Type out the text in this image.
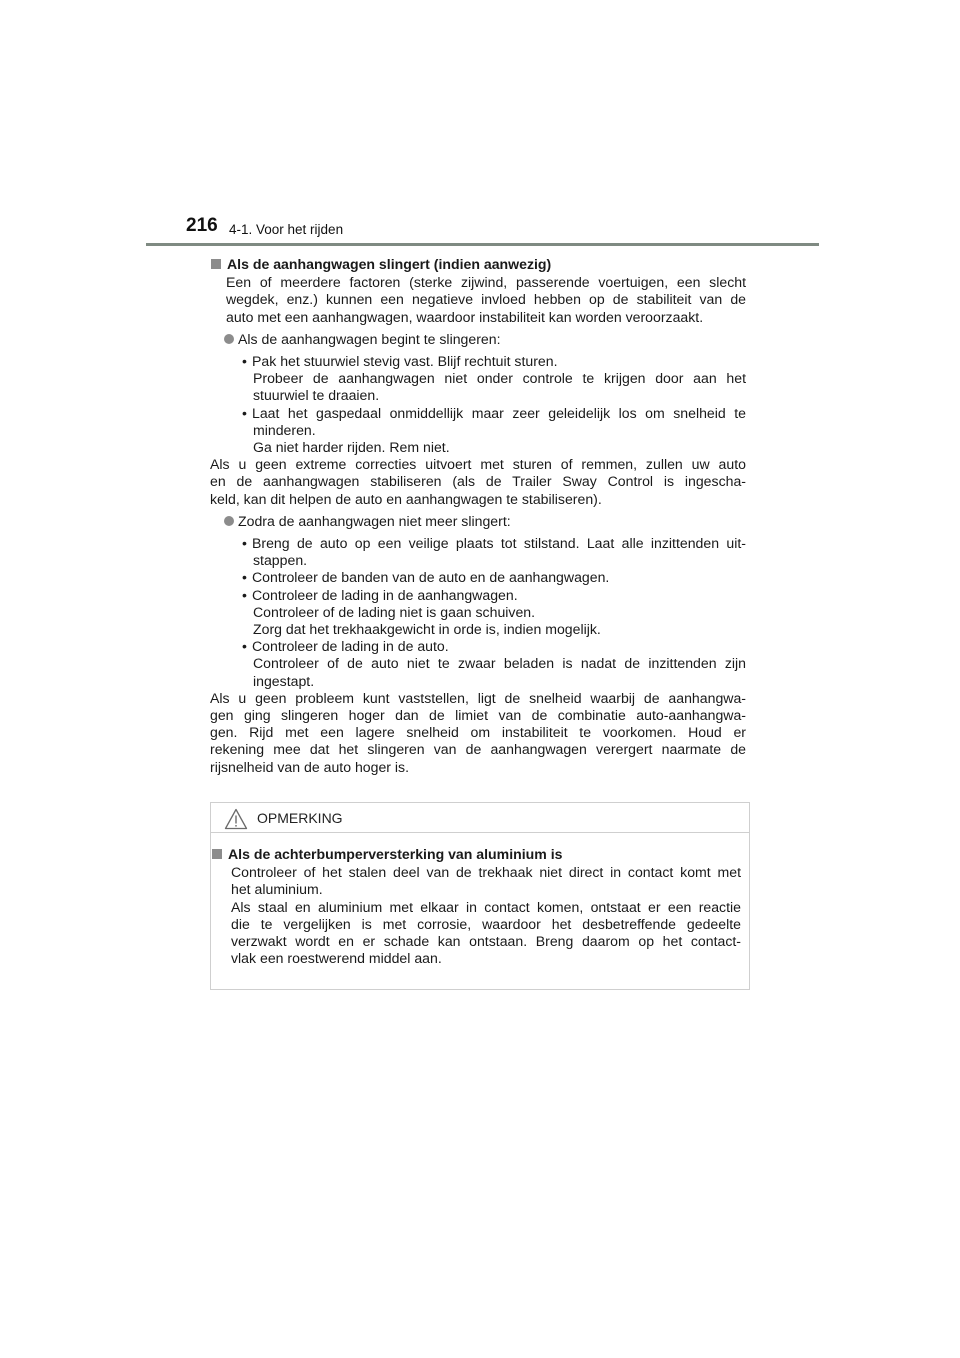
216 4-1. Voor het rijden
Als de aanhangwagen slingert (indien aanwezig)
Een of meerdere factoren (sterke zijwind, passerende voertuigen, een slecht
wegdek, enz.) kunnen een negatieve invloed hebben op de stabiliteit van de
auto met een aanhangwagen, waardoor instabiliteit kan worden veroorzaakt.
Als de aanhangwagen begint te slingeren:
• Pak het stuurwiel stevig vast. Blijf rechtuit sturen.
Probeer de aanhangwagen niet onder controle te krijgen door aan het
stuurwiel te draaien.
• Laat het gaspedaal onmiddellijk maar zeer geleidelijk los om snelheid te
minderen.
Ga niet harder rijden. Rem niet.
Als u geen extreme correcties uitvoert met sturen of remmen, zullen uw auto
en de aanhangwagen stabiliseren (als de Trailer Sway Control is ingescha-
keld, kan dit helpen de auto en aanhangwagen te stabiliseren).
Zodra de aanhangwagen niet meer slingert:
• Breng de auto op een veilige plaats tot stilstand. Laat alle inzittenden uit-
stappen.
• Controleer de banden van de auto en de aanhangwagen.
• Controleer de lading in de aanhangwagen.
Controleer of de lading niet is gaan schuiven.
Zorg dat het trekhaakgewicht in orde is, indien mogelijk.
• Controleer de lading in de auto.
Controleer of de auto niet te zwaar beladen is nadat de inzittenden zijn
ingestapt.
Als u geen probleem kunt vaststellen, ligt de snelheid waarbij de aanhangwa-
gen ging slingeren hoger dan de limiet van de combinatie auto-aanhangwa-
gen. Rijd met een lagere snelheid om instabiliteit te voorkomen. Houd er
rekening mee dat het slingeren van de aanhangwagen verergert naarmate de
rijsnelheid van de auto hoger is.
OPMERKING
Als de achterbumperversterking van aluminium is
Controleer of het stalen deel van de trekhaak niet direct in contact komt met
het aluminium.
Als staal en aluminium met elkaar in contact komen, ontstaat er een reactie
die te vergelijken is met corrosie, waardoor het desbetreffende gedeelte
verzwakt wordt en er schade kan ontstaan. Breng daarom op het contact-
vlak een roestwerend middel aan.
